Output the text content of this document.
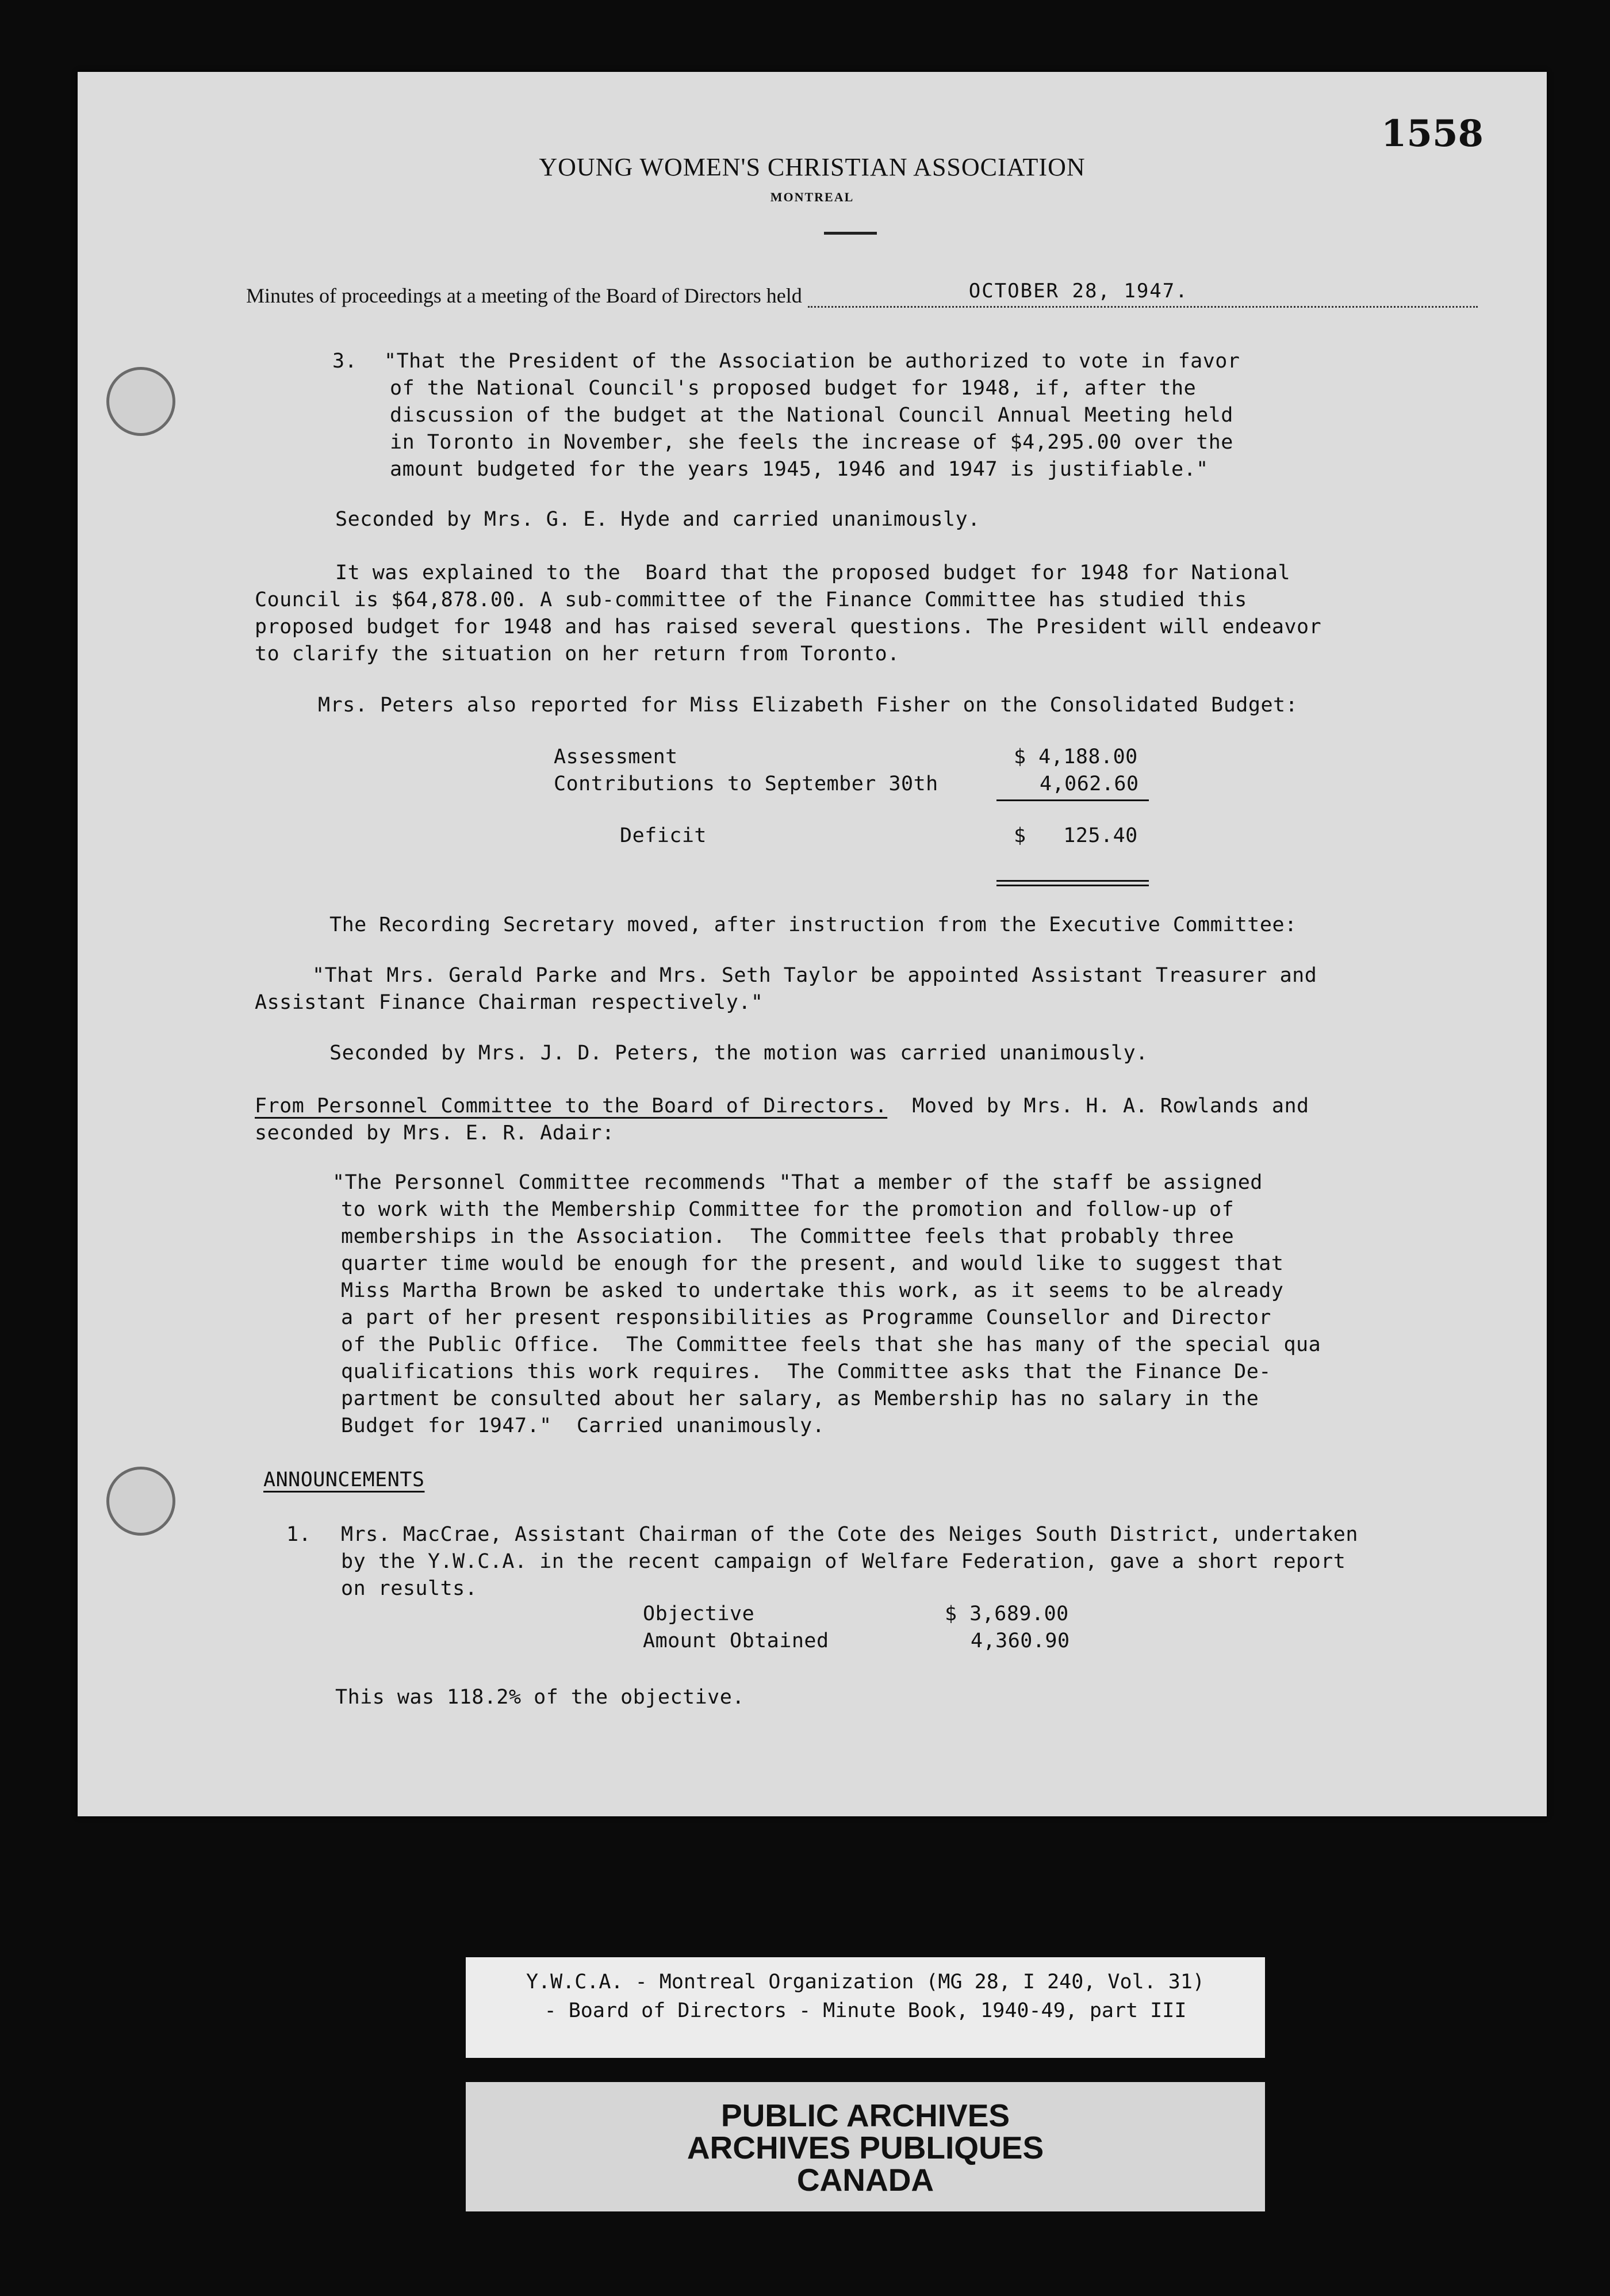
1558
YOUNG WOMEN'S CHRISTIAN ASSOCIATION
MONTREAL
Minutes of proceedings at a meeting of the Board of Directors held	OCTOBER 28, 1947.
3. "That the President of the Association be authorized to vote in favor
of the National Council's proposed budget for 1948, if, after the
discussion of the budget at the National Council Annual Meeting held
in Toronto in November, she feels the increase of $4,295.00 over the
amount budgeted for the years 1945, 1946 and 1947 is justifiable."
Seconded by Mrs. G. E. Hyde and carried unanimously.
It was explained to the  Board that the proposed budget for 1948 for National
Council is $64,878.00. A sub-committee of the Finance Committee has studied this
proposed budget for 1948 and has raised several questions. The President will endeavor
to clarify the situation on her return from Toronto.
Mrs. Peters also reported for Miss Elizabeth Fisher on the Consolidated Budget:
Assessment	$ 4,188.00
Contributions to September 30th	4,062.60
Deficit	$   125.40
The Recording Secretary moved, after instruction from the Executive Committee:
"That Mrs. Gerald Parke and Mrs. Seth Taylor be appointed Assistant Treasurer and
Assistant Finance Chairman respectively."
Seconded by Mrs. J. D. Peters, the motion was carried unanimously.
From Personnel Committee to the Board of Directors.  Moved by Mrs. H. A. Rowlands and
seconded by Mrs. E. R. Adair:
"The Personnel Committee recommends "That a member of the staff be assigned
to work with the Membership Committee for the promotion and follow-up of
memberships in the Association.  The Committee feels that probably three
quarter time would be enough for the present, and would like to suggest that
Miss Martha Brown be asked to undertake this work, as it seems to be already
a part of her present responsibilities as Programme Counsellor and Director
of the Public Office.  The Committee feels that she has many of the special qua
qualifications this work requires.  The Committee asks that the Finance De-
partment be consulted about her salary, as Membership has no salary in the
Budget for 1947."  Carried unanimously.
ANNOUNCEMENTS
1. Mrs. MacCrae, Assistant Chairman of the Cote des Neiges South District, undertaken
by the Y.W.C.A. in the recent campaign of Welfare Federation, gave a short report
on results.
Objective	$ 3,689.00
Amount Obtained	4,360.90
This was 118.2% of the objective.
Y.W.C.A. - Montreal Organization (MG 28, I 240, Vol. 31)
- Board of Directors - Minute Book, 1940-49, part III
PUBLIC ARCHIVES
ARCHIVES PUBLIQUES
CANADA
